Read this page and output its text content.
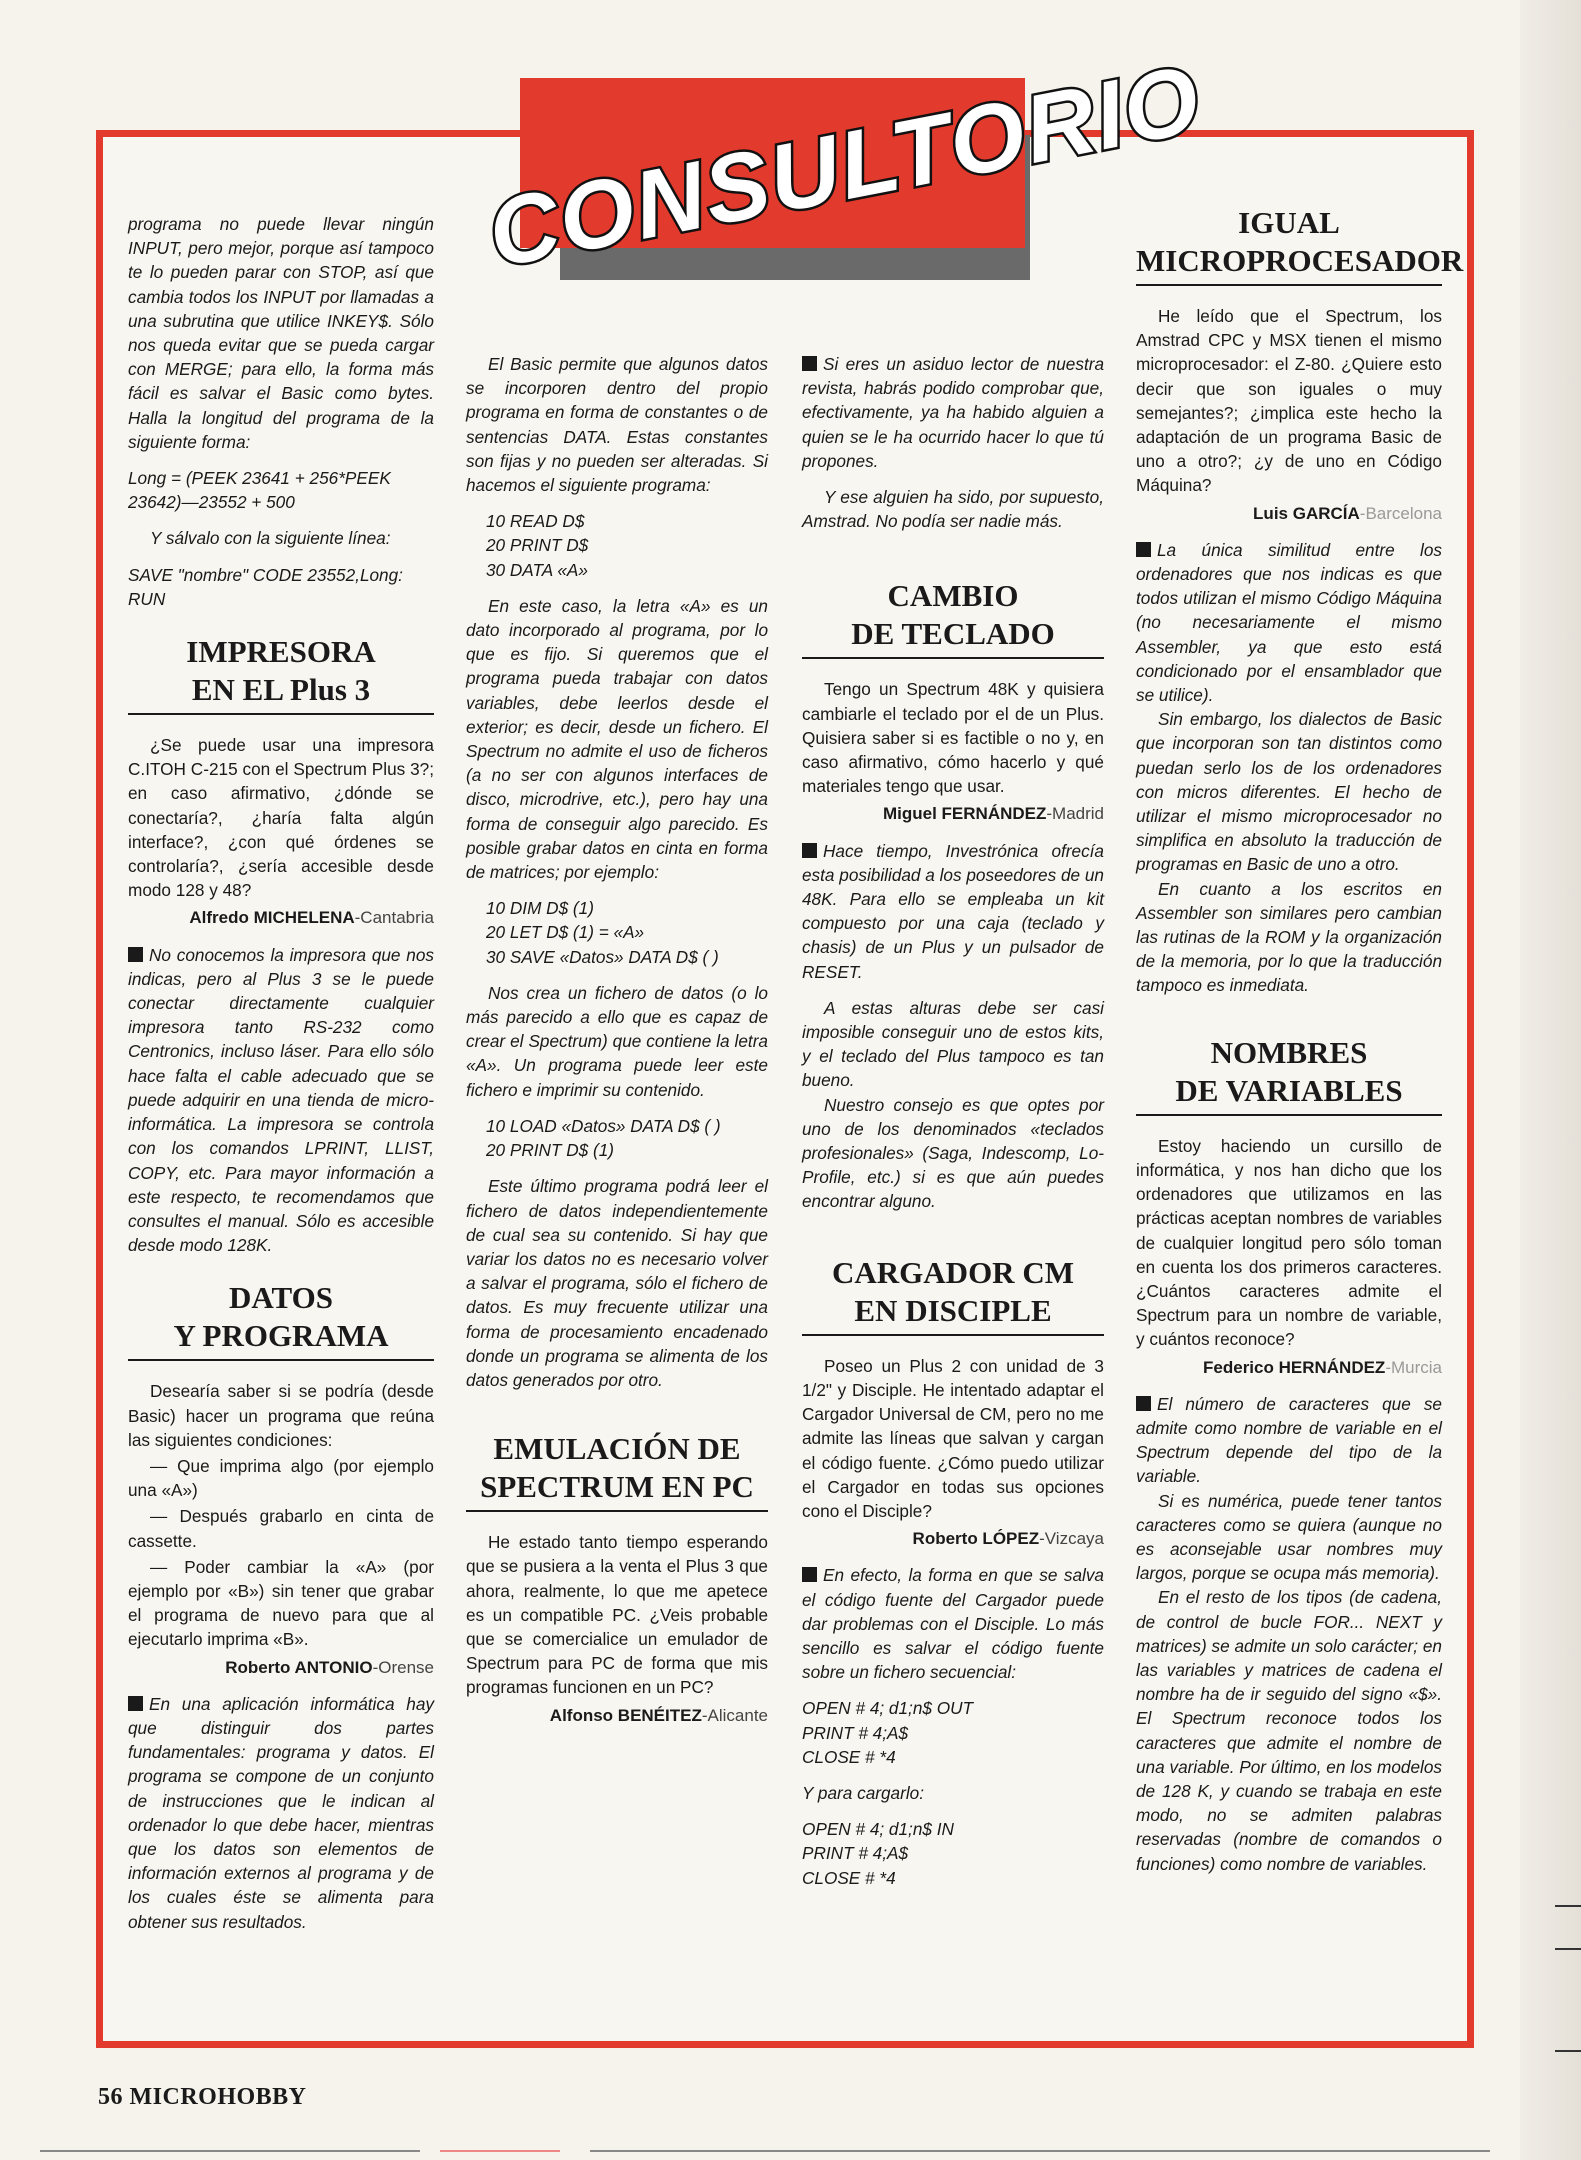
CONSULTORIO

programa no puede llevar ningún INPUT, pero mejor, porque así tampoco te lo pueden parar con STOP, así que cambia todos los INPUT por llamadas a una subrutina que utilice INKEY$. Sólo nos queda evitar que se pueda cargar con MERGE; para ello, la forma más fácil es salvar el Basic como bytes. Halla la longitud del programa de la siguiente forma:

Long = (PEEK 23641 + 256*PEEK
23642)—23552 + 500

Y sálvalo con la siguiente línea:

SAVE "nombre" CODE 23552,Long:
RUN

IMPRESORA
EN EL Plus 3

¿Se puede usar una impresora C.ITOH C-215 con el Spectrum Plus 3?; en caso afirmativo, ¿dónde se conectaría?, ¿haría falta algún interface?, ¿con qué órdenes se controlaría?, ¿sería accesible desde modo 128 y 48?

Alfredo MICHELENA-Cantabria

No conocemos la impresora que nos indicas, pero al Plus 3 se le puede conectar directamente cualquier impresora tanto RS-232 como Centronics, incluso láser. Para ello sólo hace falta el cable adecuado que se puede adquirir en una tienda de micro-informática. La impresora se controla con los comandos LPRINT, LLIST, COPY, etc. Para mayor información a este respecto, te recomendamos que consultes el manual. Sólo es accesible desde modo 128K.

DATOS
Y PROGRAMA

Desearía saber si se podría (desde Basic) hacer un programa que reúna las siguientes condiciones:

— Que imprima algo (por ejemplo una «A»)

— Después grabarlo en cinta de cassette.

— Poder cambiar la «A» (por ejemplo por «B») sin tener que grabar el programa de nuevo para que al ejecutarlo imprima «B».

Roberto ANTONIO-Orense

En una aplicación informática hay que distinguir dos partes fundamentales: programa y datos. El programa se compone de un conjunto de instrucciones que le indican al ordenador lo que debe hacer, mientras que los datos son elementos de información externos al programa y de los cuales éste se alimenta para obtener sus resultados.

El Basic permite que algunos datos se incorporen dentro del propio programa en forma de constantes o de sentencias DATA. Estas constantes son fijas y no pueden ser alteradas. Si hacemos el siguiente programa:

10 READ D$
20 PRINT D$
30 DATA «A»

En este caso, la letra «A» es un dato incorporado al programa, por lo que es fijo. Si queremos que el programa pueda trabajar con datos variables, debe leerlos desde el exterior; es decir, desde un fichero. El Spectrum no admite el uso de ficheros (a no ser con algunos interfaces de disco, microdrive, etc.), pero hay una forma de conseguir algo parecido. Es posible grabar datos en cinta en forma de matrices; por ejemplo:

10 DIM D$ (1)
20 LET D$ (1) = «A»
30 SAVE «Datos» DATA D$ ( )

Nos crea un fichero de datos (o lo más parecido a ello que es capaz de crear el Spectrum) que contiene la letra «A». Un programa puede leer este fichero e imprimir su contenido.

10 LOAD «Datos» DATA D$ ( )
20 PRINT D$ (1)

Este último programa podrá leer el fichero de datos independientemente de cual sea su contenido. Si hay que variar los datos no es necesario volver a salvar el programa, sólo el fichero de datos. Es muy frecuente utilizar una forma de procesamiento encadenado donde un programa se alimenta de los datos generados por otro.

EMULACIÓN DE
SPECTRUM EN PC

He estado tanto tiempo esperando que se pusiera a la venta el Plus 3 que ahora, realmente, lo que me apetece es un compatible PC. ¿Veis probable que se comercialice un emulador de Spectrum para PC de forma que mis programas funcionen en un PC?

Alfonso BENÉITEZ-Alicante

Si eres un asiduo lector de nuestra revista, habrás podido comprobar que, efectivamente, ya ha habido alguien a quien se le ha ocurrido hacer lo que tú propones.

Y ese alguien ha sido, por supuesto, Amstrad. No podía ser nadie más.

CAMBIO
DE TECLADO

Tengo un Spectrum 48K y quisiera cambiarle el teclado por el de un Plus. Quisiera saber si es factible o no y, en caso afirmativo, cómo hacerlo y qué materiales tengo que usar.

Miguel FERNÁNDEZ-Madrid

Hace tiempo, Investrónica ofrecía esta posibilidad a los poseedores de un 48K. Para ello se empleaba un kit compuesto por una caja (teclado y chasis) de un Plus y un pulsador de RESET.

A estas alturas debe ser casi imposible conseguir uno de estos kits, y el teclado del Plus tampoco es tan bueno.

Nuestro consejo es que optes por uno de los denominados «teclados profesionales» (Saga, Indescomp, Lo-Profile, etc.) si es que aún puedes encontrar alguno.

CARGADOR CM
EN DISCIPLE

Poseo un Plus 2 con unidad de 3 1/2" y Disciple. He intentado adaptar el Cargador Universal de CM, pero no me admite las líneas que salvan y cargan el código fuente. ¿Cómo puedo utilizar el Cargador en todas sus opciones cono el Disciple?

Roberto LÓPEZ-Vizcaya

En efecto, la forma en que se salva el código fuente del Cargador puede dar problemas con el Disciple. Lo más sencillo es salvar el código fuente sobre un fichero secuencial:

OPEN # 4; d1;n$ OUT
PRINT # 4;A$
CLOSE # *4

Y para cargarlo:

OPEN # 4; d1;n$ IN
PRINT # 4;A$
CLOSE # *4

IGUAL
MICROPROCESADOR

He leído que el Spectrum, los Amstrad CPC y MSX tienen el mismo microprocesador: el Z-80. ¿Quiere esto decir que son iguales o muy semejantes?; ¿implica este hecho la adaptación de un programa Basic de uno a otro?; ¿y de uno en Código Máquina?

Luis GARCÍA-Barcelona

La única similitud entre los ordenadores que nos indicas es que todos utilizan el mismo Código Máquina (no necesariamente el mismo Assembler, ya que esto está condicionado por el ensamblador que se utilice).

Sin embargo, los dialectos de Basic que incorporan son tan distintos como puedan serlo los de los ordenadores con micros diferentes. El hecho de utilizar el mismo microprocesador no simplifica en absoluto la traducción de programas en Basic de uno a otro.

En cuanto a los escritos en Assembler son similares pero cambian las rutinas de la ROM y la organización de la memoria, por lo que la traducción tampoco es inmediata.

NOMBRES
DE VARIABLES

Estoy haciendo un cursillo de informática, y nos han dicho que los ordenadores que utilizamos en las prácticas aceptan nombres de variables de cualquier longitud pero sólo toman en cuenta los dos primeros caracteres. ¿Cuántos caracteres admite el Spectrum para un nombre de variable, y cuántos reconoce?

Federico HERNÁNDEZ-Murcia

El número de caracteres que se admite como nombre de variable en el Spectrum depende del tipo de la variable.

Si es numérica, puede tener tantos caracteres como se quiera (aunque no es aconsejable usar nombres muy largos, porque se ocupa más memoria).

En el resto de los tipos (de cadena, de control de bucle FOR... NEXT y matrices) se admite un solo carácter; en las variables y matrices de cadena el nombre ha de ir seguido del signo «$». El Spectrum reconoce todos los caracteres que admite el nombre de una variable. Por último, en los modelos de 128 K, y cuando se trabaja en este modo, no se admiten palabras reservadas (nombre de comandos o funciones) como nombre de variables.

56 MICROHOBBY
